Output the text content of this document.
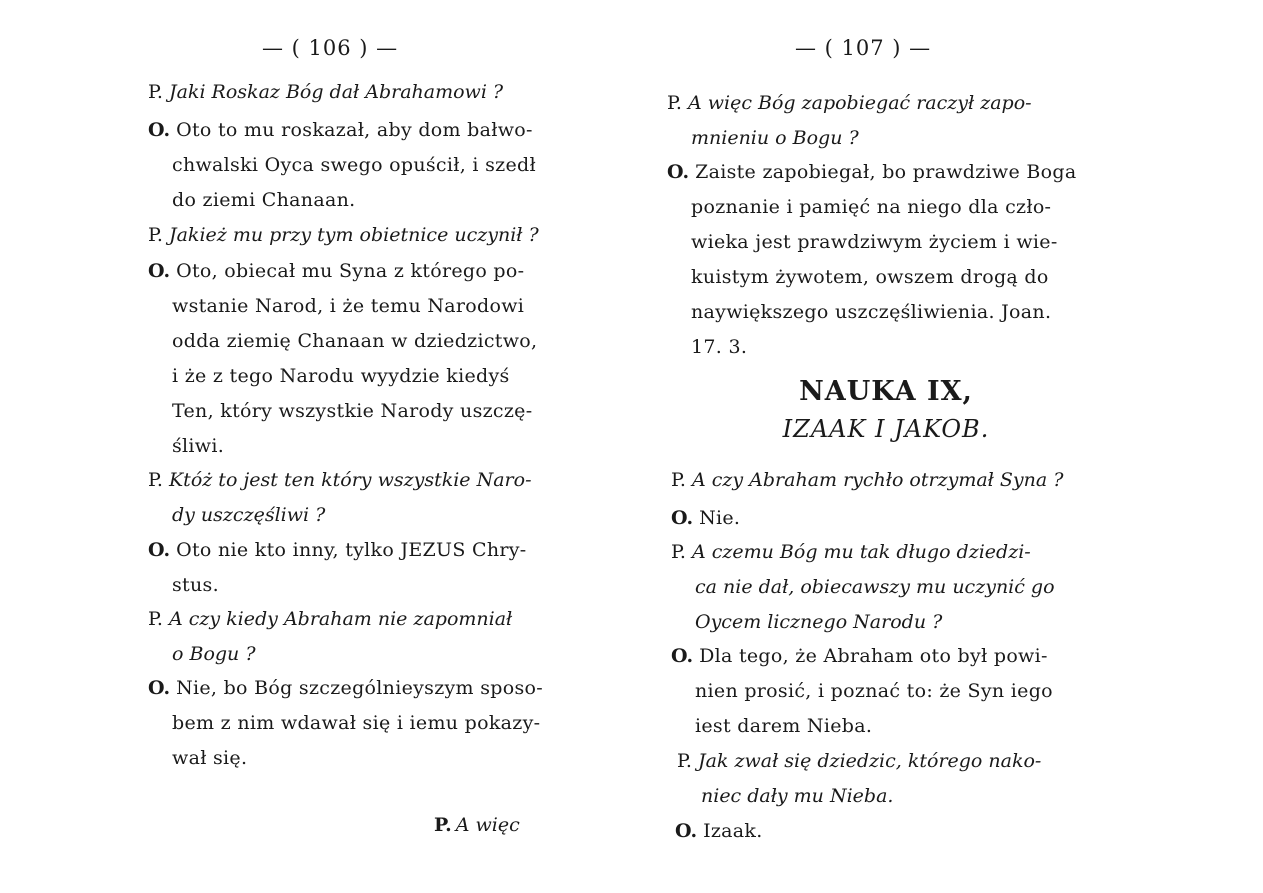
— ( 106 ) —
P. Jaki Roskaz Bóg dał Abrahamowi ?
O. Oto to mu roskazał, aby dom bałwo-
chwalski Oyca swego opuścił, i szedł
do ziemi Chanaan.
P. Jakież mu przy tym obietnice uczynił ?
O. Oto, obiecał mu Syna z którego po-
wstanie Narod, i że temu Narodowi
odda ziemię Chanaan w dziedzictwo,
i że z tego Narodu wyydzie kiedyś
Ten, który wszystkie Narody uszczę-
śliwi.
P. Któż to jest ten który wszystkie Naro-
dy uszczęśliwi ?
O. Oto nie kto inny, tylko JEZUS Chry-
stus.
P. A czy kiedy Abraham nie zapomniał
o Bogu ?
O. Nie, bo Bóg szczególnieyszym sposo-
bem z nim wdawał się i iemu pokazy-
wał się.
P. A więc
— ( 107 ) —
P. A więc Bóg zapobiegać raczył zapo-
mnieniu o Bogu ?
O. Zaiste zapobiegał, bo prawdziwe Boga
poznanie i pamięć na niego dla czło-
wieka jest prawdziwym życiem i wie-
kuistym żywotem, owszem drogą do
naywiększego uszczęśliwienia. Joan.
17. 3.
NAUKA IX,
IZAAK I JAKOB.
P. A czy Abraham rychło otrzymał Syna ?
O. Nie.
P. A czemu Bóg mu tak długo dziedzi-
ca nie dał, obiecawszy mu uczynić go
Oycem licznego Narodu ?
O. Dla tego, że Abraham oto był powi-
nien prosić, i poznać to: że Syn iego
iest darem Nieba.
P. Jak zwał się dziedzic, którego nako-
niec dały mu Nieba.
O. Izaak.
